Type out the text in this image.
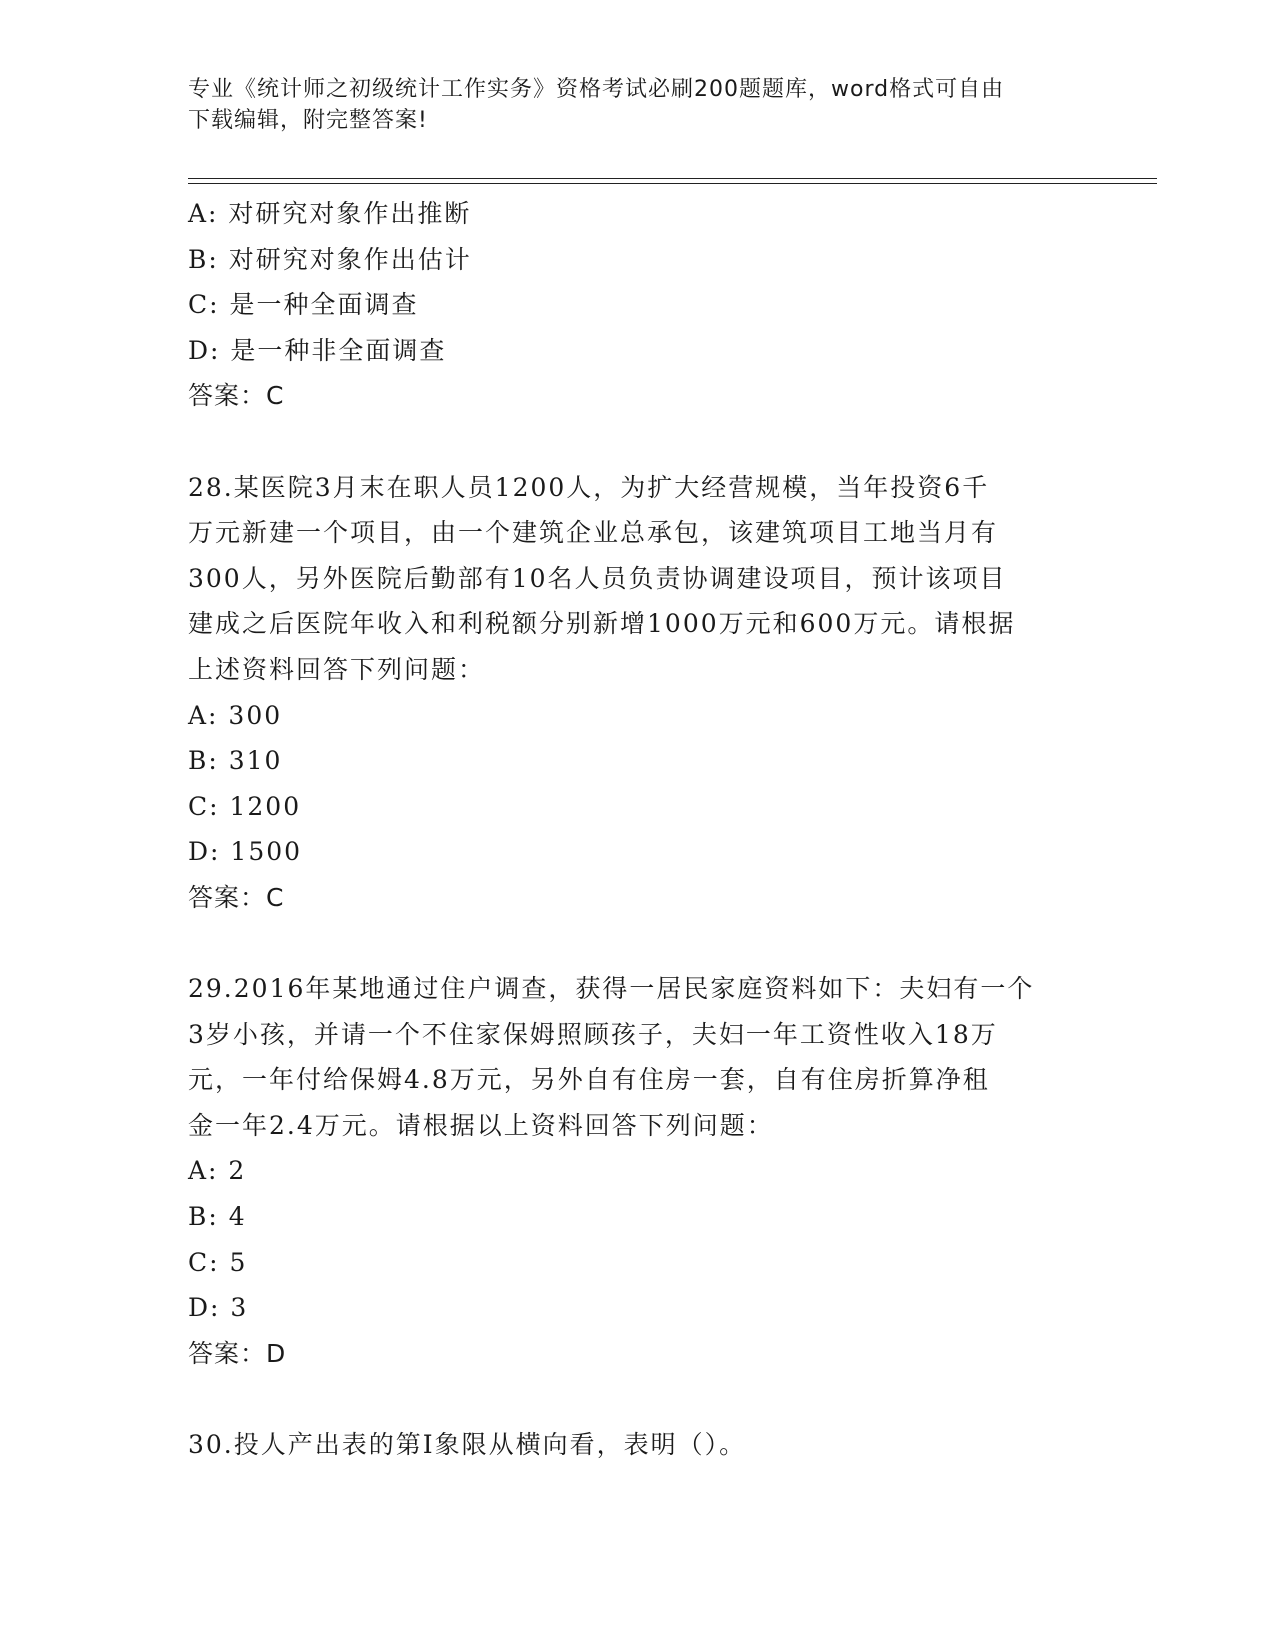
专业《统计师之初级统计工作实务》资格考试必刷200题题库，word格式可自由
下载编辑，附完整答案!
A: 对研究对象作出推断
B: 对研究对象作出估计
C: 是一种全面调查
D: 是一种非全面调查
答案：C
28.某医院3月末在职人员1200人，为扩大经营规模，当年投资6千
万元新建一个项目，由一个建筑企业总承包，该建筑项目工地当月有
300人，另外医院后勤部有10名人员负责协调建设项目，预计该项目
建成之后医院年收入和利税额分别新增1000万元和600万元。请根据
上述资料回答下列问题：
A: 300
B: 310
C: 1200
D: 1500
答案：C
29.2016年某地通过住户调查，获得一居民家庭资料如下：夫妇有一个
3岁小孩，并请一个不住家保姆照顾孩子，夫妇一年工资性收入18万
元，一年付给保姆4.8万元，另外自有住房一套，自有住房折算净租
金一年2.4万元。请根据以上资料回答下列问题：
A: 2
B: 4
C: 5
D: 3
答案：D
30.投人产出表的第I象限从横向看，表明（）。
